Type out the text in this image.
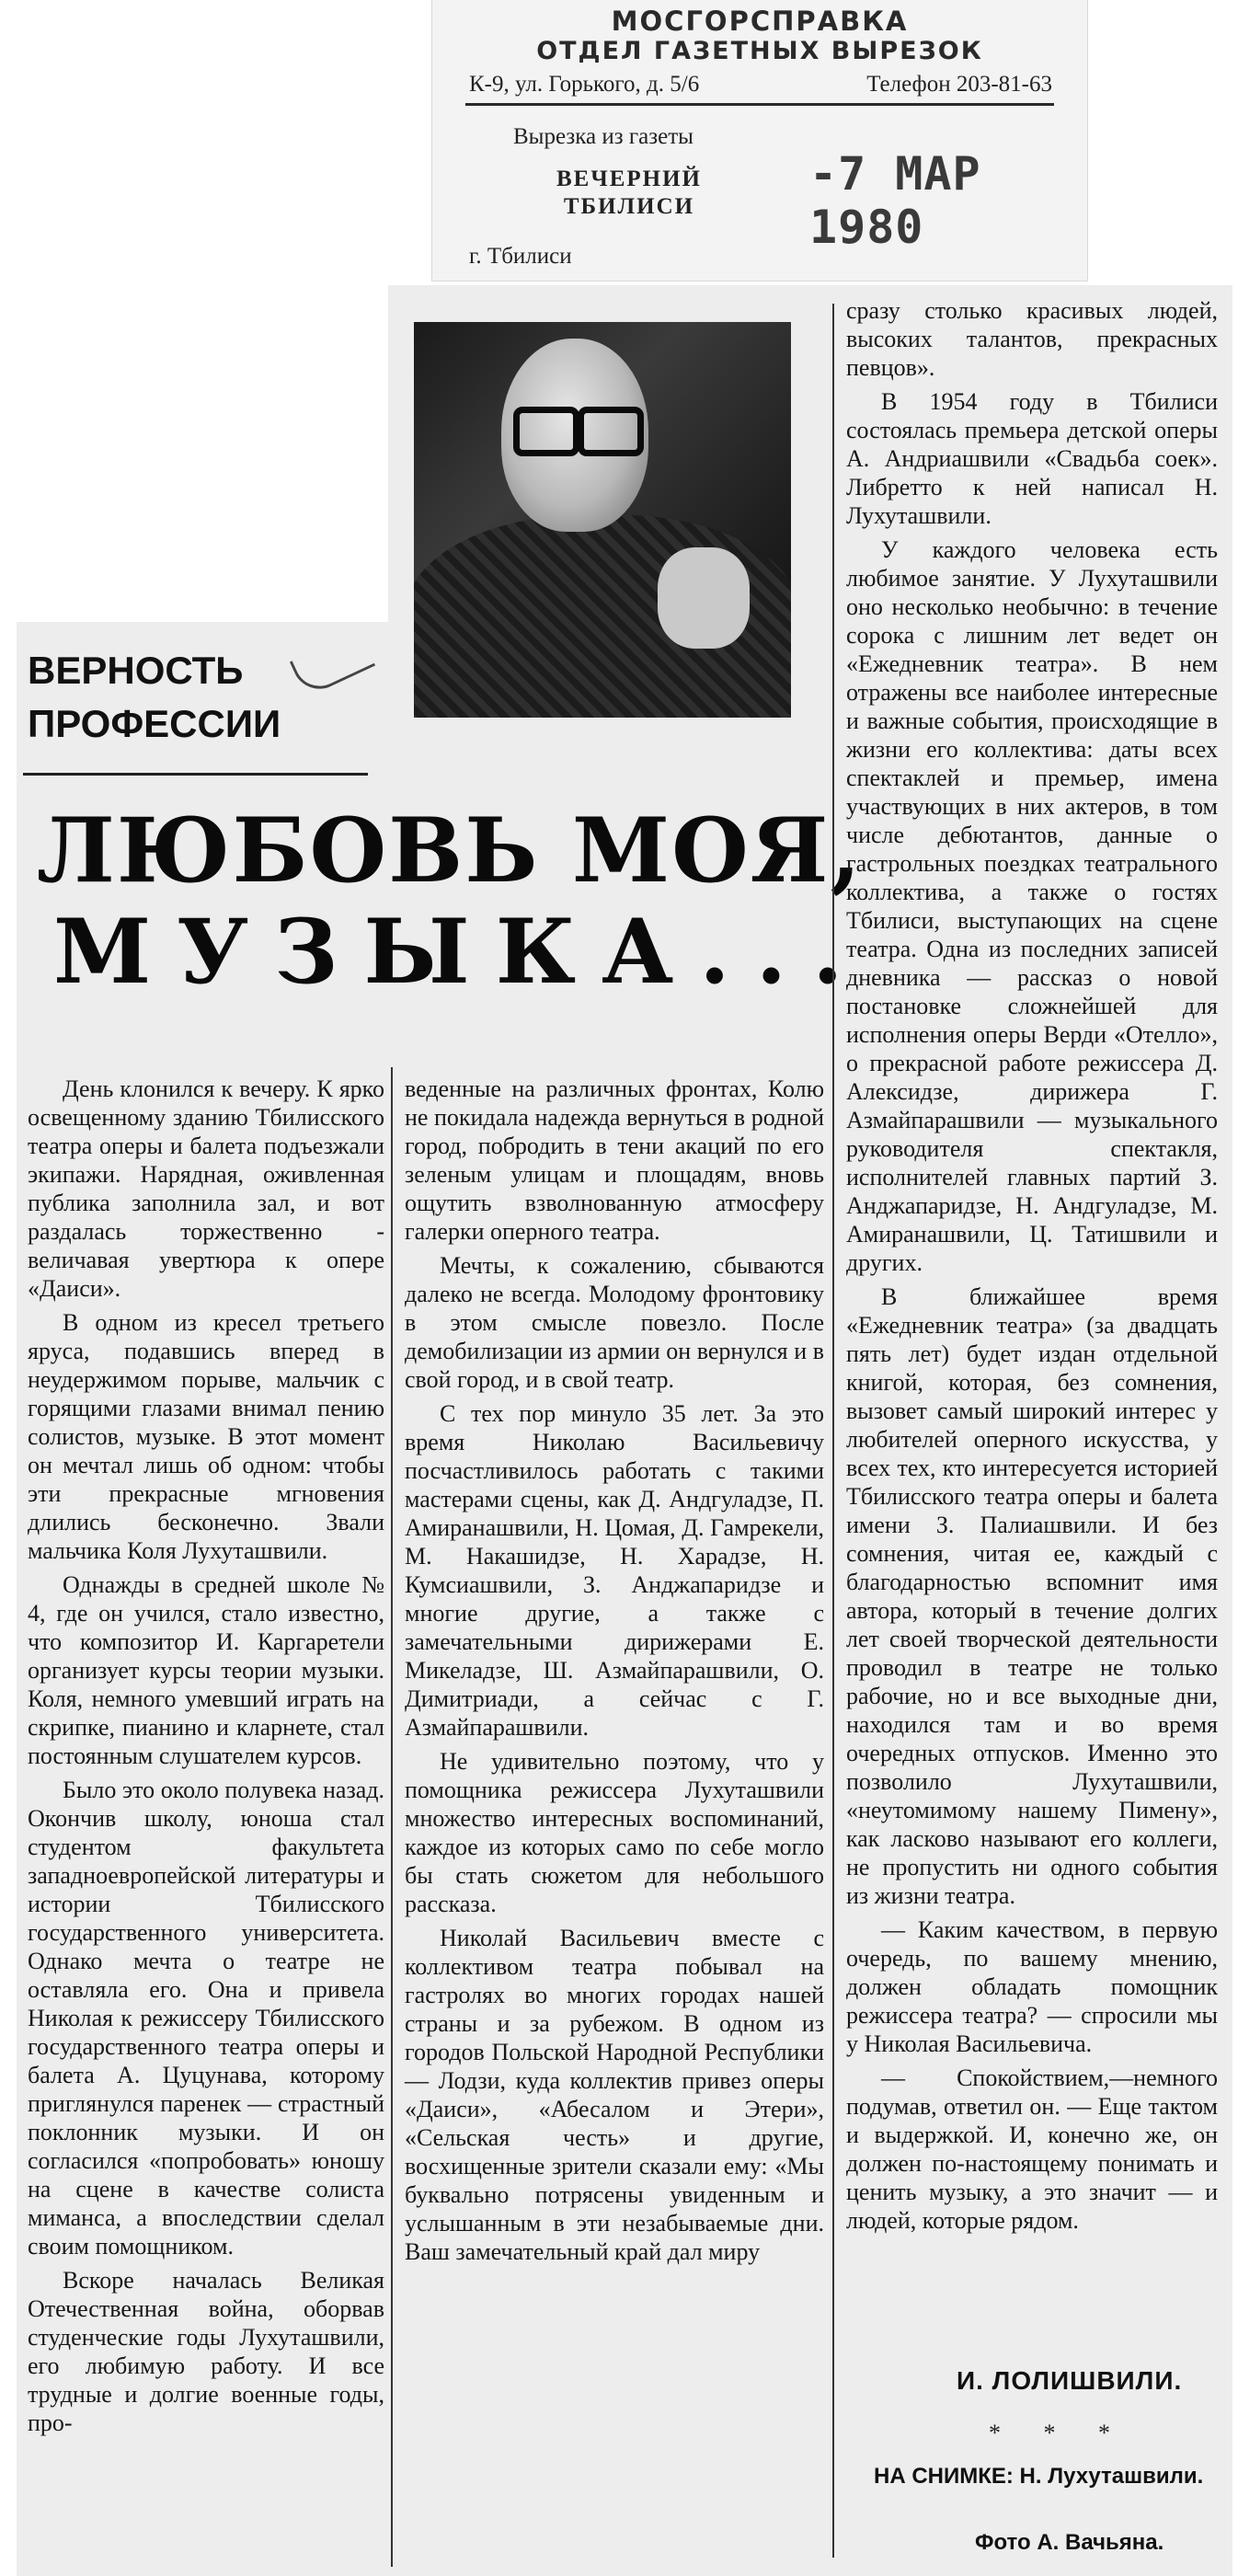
МОСГОРСПРАВКА
ОТДЕЛ ГАЗЕТНЫХ ВЫРЕЗОК
К-9, ул. Горького, д. 5/6	Телефон 203-81-63
Вырезка из газеты
ВЕЧЕРНИЙ
ТБИЛИСИ
-7 МАР 1980
г. Тбилиси
ВЕРНОСТЬ
ПРОФЕССИИ
ЛЮБОВЬ МОЯ,
МУЗЫКА...

День клонился к вечеру. К ярко освещенному зданию Тбилисского театра оперы и балета подъезжали экипажи. Нарядная, оживленная публика заполнила зал, и вот раздалась торжественно - величавая увертюра к опере «Даиси».

В одном из кресел третьего яруса, подавшись вперед в неудержимом порыве, мальчик с горящими глазами внимал пению солистов, музыке. В этот момент он мечтал лишь об одном: чтобы эти прекрасные мгновения длились бесконечно. Звали мальчика Коля Лухуташвили.

Однажды в средней школе № 4, где он учился, стало известно, что композитор И. Каргаретели организует курсы теории музыки. Коля, немного умевший играть на скрипке, пианино и кларнете, стал постоянным слушателем курсов.

Было это около полувека назад. Окончив школу, юноша стал студентом факультета западноевропейской литературы и истории Тбилисского государственного университета. Однако мечта о театре не оставляла его. Она и привела Николая к режиссеру Тбилисского государственного театра оперы и балета А. Цуцунава, которому приглянулся паренек — страстный поклонник музыки. И он согласился «попробовать» юношу на сцене в качестве солиста миманса, а впоследствии сделал своим помощником.

Вскоре началась Великая Отечественная война, оборвав студенческие годы Лухуташвили, его любимую работу. И все трудные и долгие военные годы, про-

веденные на различных фронтах, Колю не покидала надежда вернуться в родной город, побродить в тени акаций по его зеленым улицам и площадям, вновь ощутить взволнованную атмосферу галерки оперного театра.

Мечты, к сожалению, сбываются далеко не всегда. Молодому фронтовику в этом смысле повезло. После демобилизации из армии он вернулся и в свой город, и в свой театр.

С тех пор минуло 35 лет. За это время Николаю Васильевичу посчастливилось работать с такими мастерами сцены, как Д. Андгуладзе, П. Амиранашвили, Н. Цомая, Д. Гамрекели, М. Накашидзе, Н. Харадзе, Н. Кумсиашвили, З. Анджапаридзе и многие другие, а также с замечательными дирижерами Е. Микеладзе, Ш. Азмайпарашвили, О. Димитриади, а сейчас с Г. Азмайпарашвили.

Не удивительно поэтому, что у помощника режиссера Лухуташвили множество интересных воспоминаний, каждое из которых само по себе могло бы стать сюжетом для небольшого рассказа.

Николай Васильевич вместе с коллективом театра побывал на гастролях во многих городах нашей страны и за рубежом. В одном из городов Польской Народной Республики — Лодзи, куда коллектив привез оперы «Даиси», «Абесалом и Этери», «Сельская честь» и другие, восхищенные зрители сказали ему: «Мы буквально потрясены увиденным и услышанным в эти незабываемые дни. Ваш замечательный край дал миру

сразу столько красивых людей, высоких талантов, прекрасных певцов».

В 1954 году в Тбилиси состоялась премьера детской оперы А. Андриашвили «Свадьба соек». Либретто к ней написал Н. Лухуташвили.

У каждого человека есть любимое занятие. У Лухуташвили оно несколько необычно: в течение сорока с лишним лет ведет он «Ежедневник театра». В нем отражены все наиболее интересные и важные события, происходящие в жизни его коллектива: даты всех спектаклей и премьер, имена участвующих в них актеров, в том числе дебютантов, данные о гастрольных поездках театрального коллектива, а также о гостях Тбилиси, выступающих на сцене театра. Одна из последних записей дневника — рассказ о новой постановке сложнейшей для исполнения оперы Верди «Отелло», о прекрасной работе режиссера Д. Алексидзе, дирижера Г. Азмайпарашвили — музыкального руководителя спектакля, исполнителей главных партий З. Анджапаридзе, Н. Андгуладзе, М. Амиранашвили, Ц. Татишвили и других.

В ближайшее время «Ежедневник театра» (за двадцать пять лет) будет издан отдельной книгой, которая, без сомнения, вызовет самый широкий интерес у любителей оперного искусства, у всех тех, кто интересуется историей Тбилисского театра оперы и балета имени З. Палиашвили. И без сомнения, читая ее, каждый с благодарностью вспомнит имя автора, который в течение долгих лет своей творческой деятельности проводил в театре не только рабочие, но и все выходные дни, находился там и во время очередных отпусков. Именно это позволило Лухуташвили, «неутомимому нашему Пимену», как ласково называют его коллеги, не пропустить ни одного события из жизни театра.

— Каким качеством, в первую очередь, по вашему мнению, должен обладать помощник режиссера театра? — спросили мы у Николая Васильевича.

— Спокойствием,—немного подумав, ответил он. — Еще тактом и выдержкой. И, конечно же, он должен по-настоящему понимать и ценить музыку, а это значит — и людей, которые рядом.

И. ЛОЛИШВИЛИ.
* * *
НА СНИМКЕ: Н. Лухуташвили.
Фото А. Вачьяна.
